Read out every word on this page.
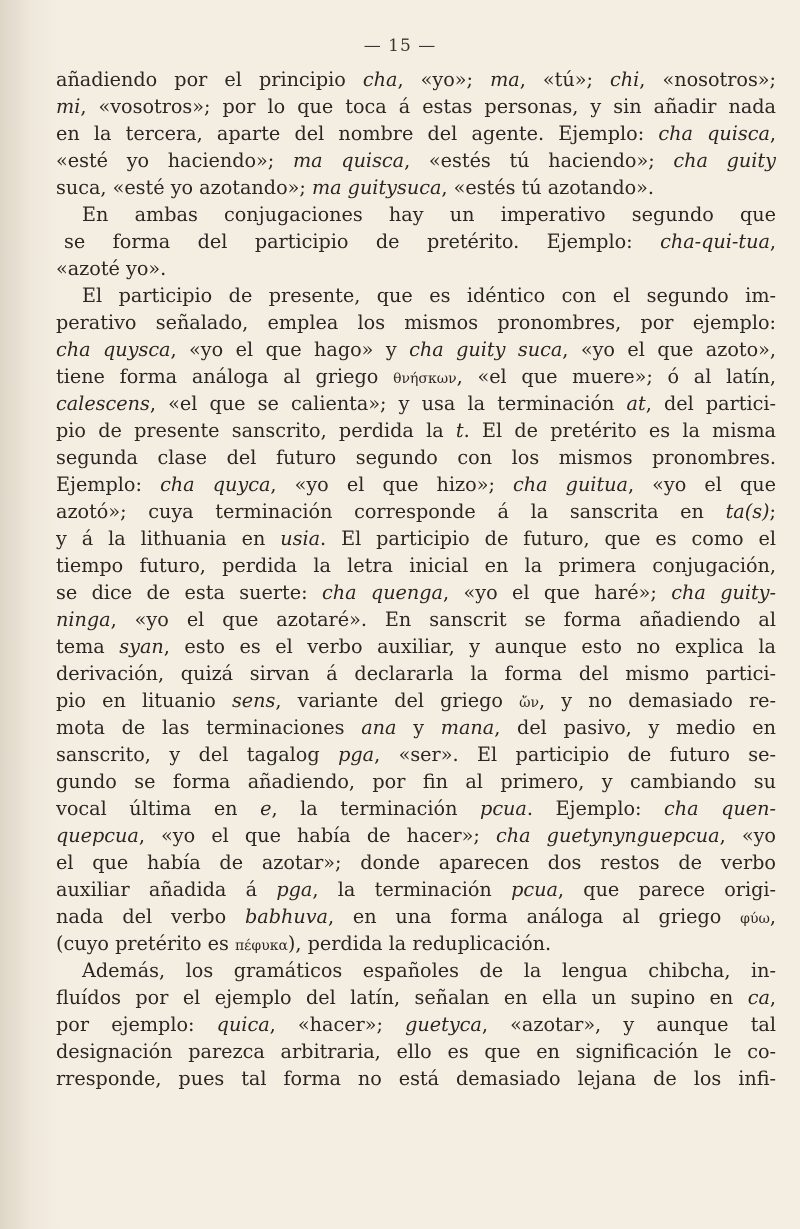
— 15 —
añadiendo por el principio cha, «yo»; ma, «tú»; chi, «nosotros»;
mi, «vosotros»; por lo que toca á estas personas, y sin añadir nada
en la tercera, aparte del nombre del agente. Ejemplo: cha quisca,
«esté yo haciendo»; ma quisca, «estés tú haciendo»; cha guity
suca, «esté yo azotando»; ma guitysuca, «estés tú azotando».
En ambas conjugaciones hay un imperativo segundo que
se forma del participio de pretérito. Ejemplo: cha-qui-tua,
«azoté yo».
El participio de presente, que es idéntico con el segundo im-
perativo señalado, emplea los mismos pronombres, por ejemplo:
cha quysca, «yo el que hago» y cha guity suca, «yo el que azoto»,
tiene forma análoga al griego θνήσκων, «el que muere»; ó al latín,
calescens, «el que se calienta»; y usa la terminación at, del partici-
pio de presente sanscrito, perdida la t. El de pretérito es la misma
segunda clase del futuro segundo con los mismos pronombres.
Ejemplo: cha quyca, «yo el que hizo»; cha guitua, «yo el que
azotó»; cuya terminación corresponde á la sanscrita en ta(s);
y á la lithuania en usia. El participio de futuro, que es como el
tiempo futuro, perdida la letra inicial en la primera conjugación,
se dice de esta suerte: cha quenga, «yo el que haré»; cha guity-
ninga, «yo el que azotaré». En sanscrit se forma añadiendo al
tema syan, esto es el verbo auxiliar, y aunque esto no explica la
derivación, quizá sirvan á declararla la forma del mismo partici-
pio en lituanio sens, variante del griego ὤν, y no demasiado re-
mota de las terminaciones ana y mana, del pasivo, y medio en
sanscrito, y del tagalog pga, «ser». El participio de futuro se-
gundo se forma añadiendo, por fin al primero, y cambiando su
vocal última en e, la terminación pcua. Ejemplo: cha quen-
quepcua, «yo el que había de hacer»; cha guetynynguepcua, «yo
el que había de azotar»; donde aparecen dos restos de verbo
auxiliar añadida á pga, la terminación pcua, que parece origi-
nada del verbo babhuva, en una forma análoga al griego φύω,
(cuyo pretérito es πέφυκα), perdida la reduplicación.
Además, los gramáticos españoles de la lengua chibcha, in-
fluídos por el ejemplo del latín, señalan en ella un supino en ca,
por ejemplo: quica, «hacer»; guetyca, «azotar», y aunque tal
designación parezca arbitraria, ello es que en significación le co-
rresponde, pues tal forma no está demasiado lejana de los infi-
